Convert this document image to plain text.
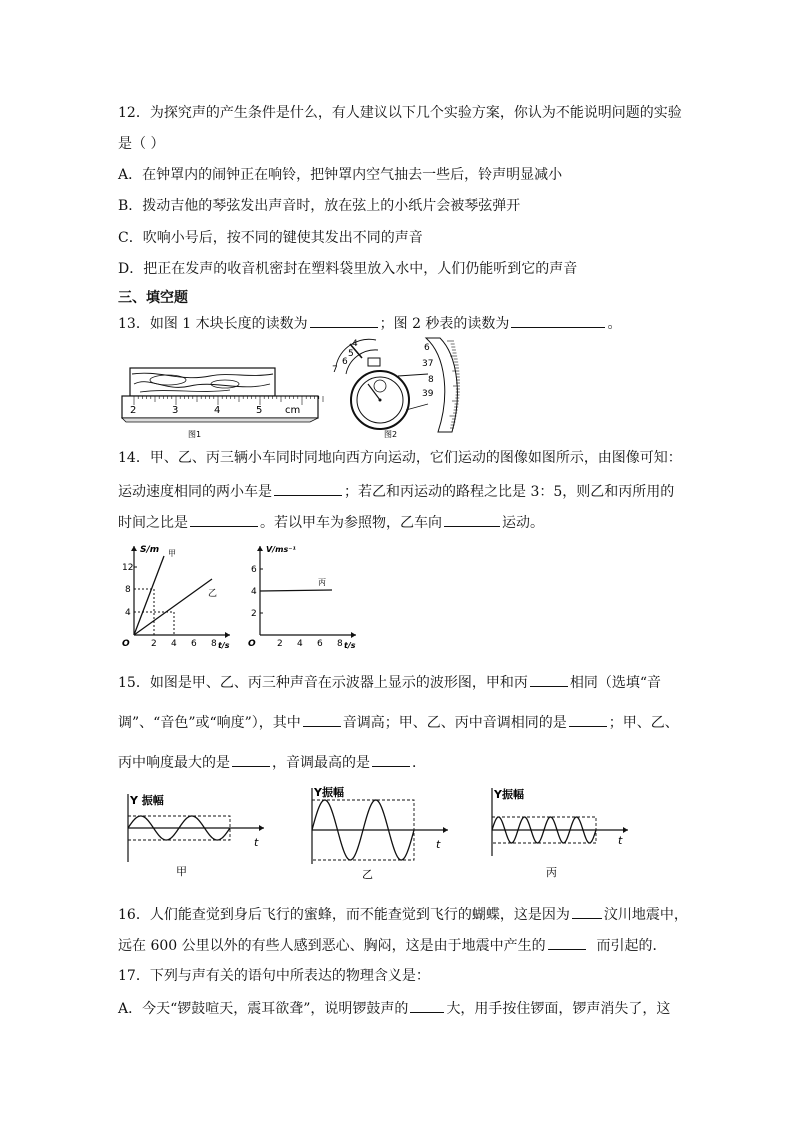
12．为探究声的产生条件是什么，有人建议以下几个实验方案，你认为不能说明问题的实验
是（ ）
A．在钟罩内的闹钟正在响铃，把钟罩内空气抽去一些后，铃声明显减小
B．拨动吉他的琴弦发出声音时，放在弦上的小纸片会被琴弦弹开
C．吹响小号后，按不同的键使其发出不同的声音
D．把正在发声的收音机密封在塑料袋里放入水中，人们仍能听到它的声音
三、填空题
13．如图 1 木块长度的读数为	；图 2 秒表的读数为	。
2	3	4	5 cm
图1
4
5
6
7
6
37
8
39
图2
14．甲、乙、丙三辆小车同时同地向西方向运动，它们运动的图像如图所示，由图像可知：
运动速度相同的两小车是	；若乙和丙运动的路程之比是 3：5，则乙和丙所用的
时间之比是	。若以甲车为参照物，乙车向	运动。
S/m
t/s
O
12
8
4
2 4 6 8
甲
乙
V/ms⁻¹
t/s
O
6
4
2
2 4 6 8
丙
15．如图是甲、乙、丙三种声音在示波器上显示的波形图，甲和丙	相同（选填“音
调”、“音色”或“响度”），其中	音调高；甲、乙、丙中音调相同的是	；甲、乙、
丙中响度最大的是	，音调最高的是	．
Y 振幅
t
甲
Y振幅
t
乙
Y振幅
t
丙
16．人们能查觉到身后飞行的蜜蜂，而不能查觉到飞行的蝴蝶，这是因为 汶川地震中，
远在 600 公里以外的有些人感到恶心、胸闷，这是由于地震中产生的	而引起的．
17．下列与声有关的语句中所表达的物理含义是：
A．今天“锣鼓喧天，震耳欲聋”，说明锣鼓声的	大，用手按住锣面，锣声消失了，这
